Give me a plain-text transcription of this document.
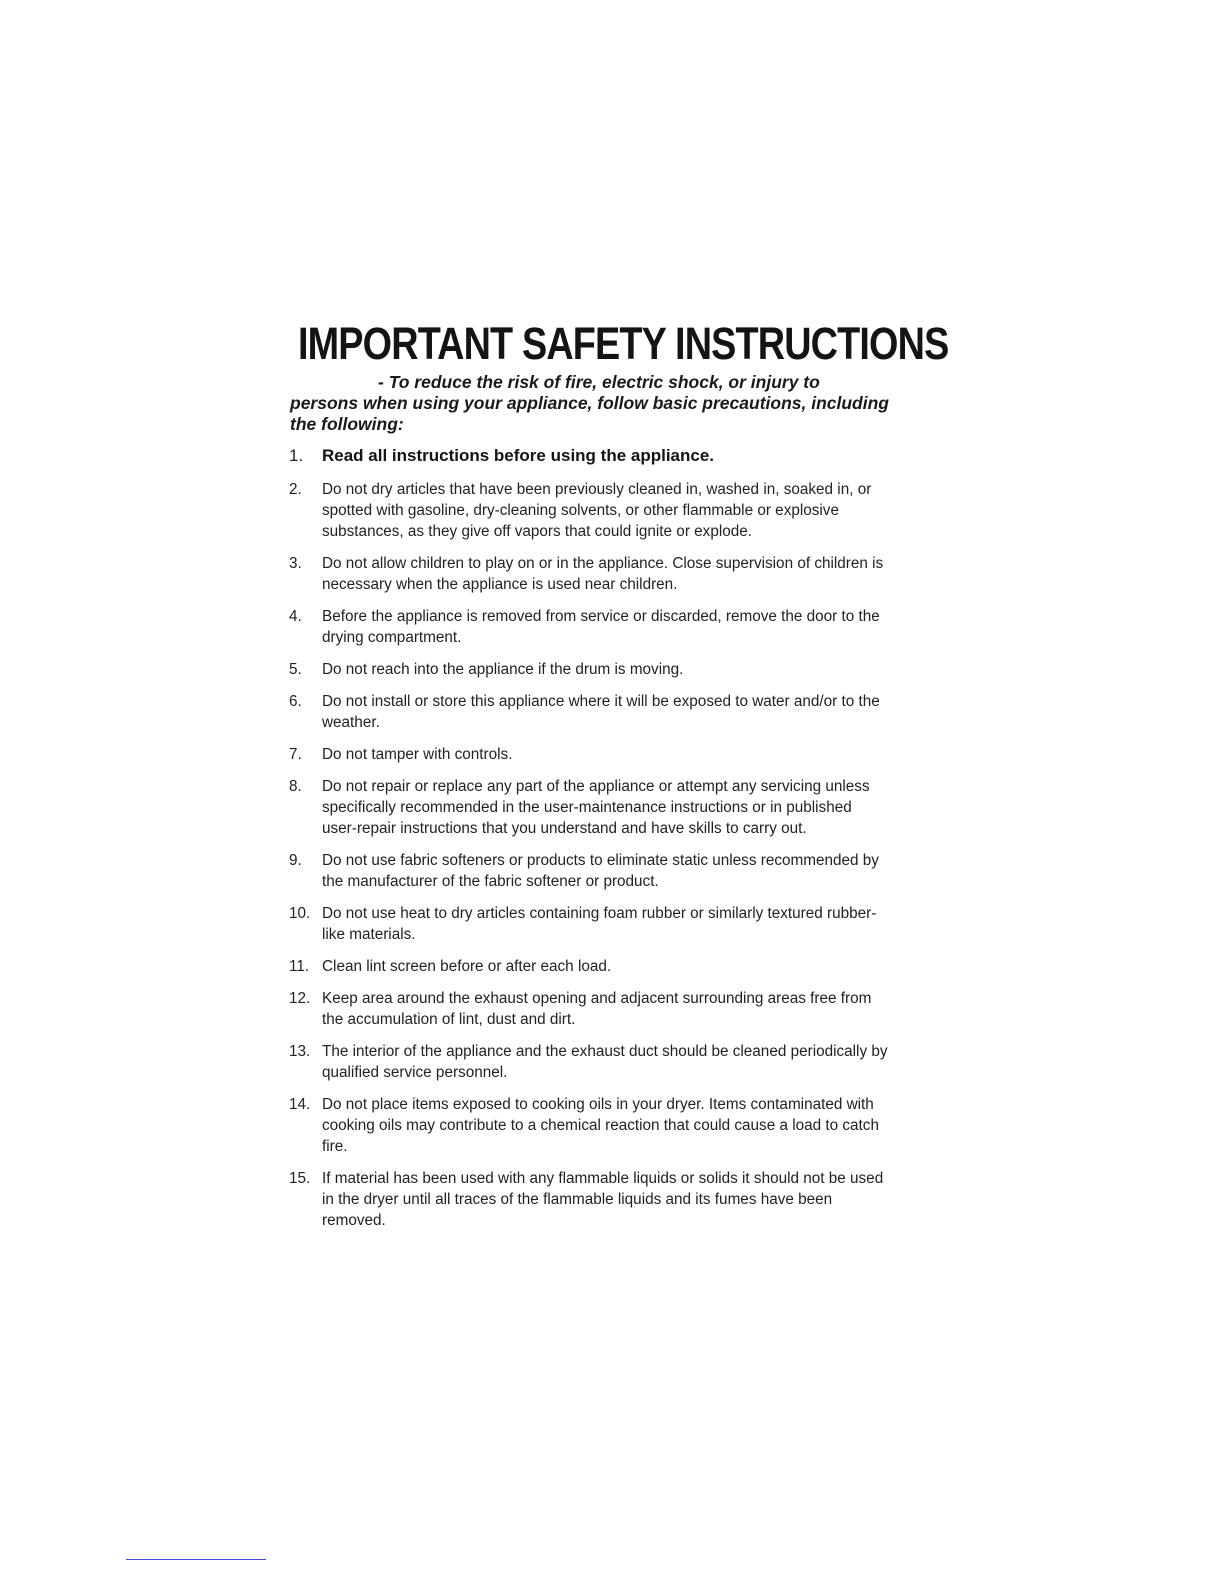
IMPORTANT SAFETY INSTRUCTIONS

- To reduce the risk of fire, electric shock, or injury to persons when using your appliance, follow basic precautions, including the following:

1. Read all instructions before using the appliance.
2. Do not dry articles that have been previously cleaned in, washed in, soaked in, or spotted with gasoline, dry-cleaning solvents, or other flammable or explosive substances, as they give off vapors that could ignite or explode.
3. Do not allow children to play on or in the appliance. Close supervision of children is necessary when the appliance is used near children.
4. Before the appliance is removed from service or discarded, remove the door to the drying compartment.
5. Do not reach into the appliance if the drum is moving.
6. Do not install or store this appliance where it will be exposed to water and/or to the weather.
7. Do not tamper with controls.
8. Do not repair or replace any part of the appliance or attempt any servicing unless specifically recommended in the user-maintenance instructions or in published user-repair instructions that you understand and have skills to carry out.
9. Do not use fabric softeners or products to eliminate static unless recommended by the manufacturer of the fabric softener or product.
10. Do not use heat to dry articles containing foam rubber or similarly textured rubber-like materials.
11. Clean lint screen before or after each load.
12. Keep area around the exhaust opening and adjacent surrounding areas free from the accumulation of lint, dust and dirt.
13. The interior of the appliance and the exhaust duct should be cleaned periodically by qualified service personnel.
14. Do not place items exposed to cooking oils in your dryer. Items contaminated with cooking oils may contribute to a chemical reaction that could cause a load to catch fire.
15. If material has been used with any flammable liquids or solids it should not be used in the dryer until all traces of the flammable liquids and its fumes have been removed.
